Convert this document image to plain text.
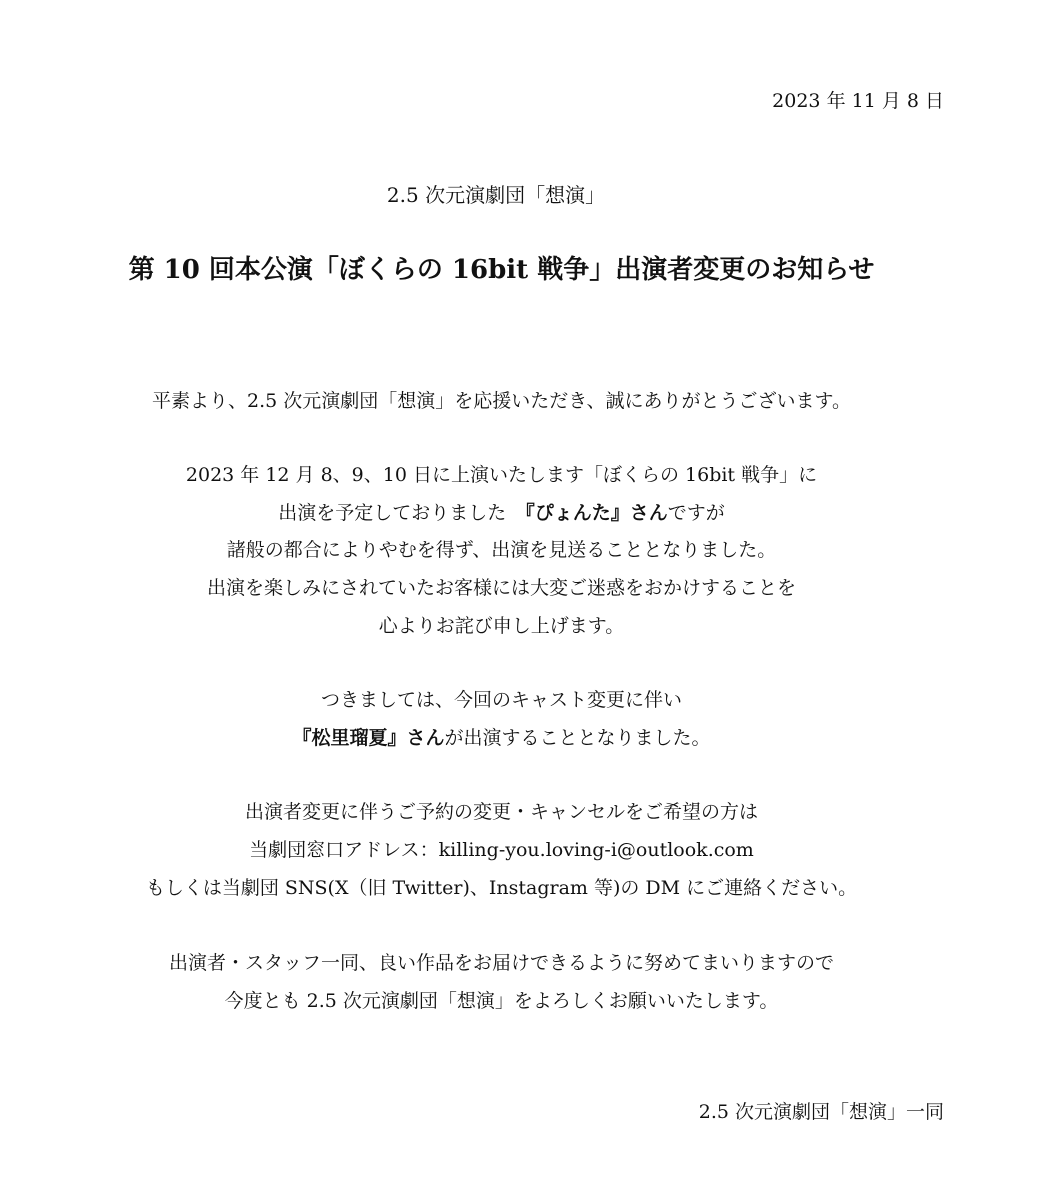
2023 年 11 月 8 日
2.5 次元演劇団「想演」
第 10 回本公演「ぼくらの 16bit 戦争」出演者変更のお知らせ
平素より、2.5 次元演劇団「想演」を応援いただき、誠にありがとうございます。
2023 年 12 月 8、9、10 日に上演いたします「ぼくらの 16bit 戦争」に
出演を予定しておりました　『ぴょんた』さんですが
諸般の都合によりやむを得ず、出演を見送ることとなりました。
出演を楽しみにされていたお客様には大変ご迷惑をおかけすることを
心よりお詫び申し上げます。
つきましては、今回のキャスト変更に伴い
『松里瑠夏』さんが出演することとなりました。
出演者変更に伴うご予約の変更・キャンセルをご希望の方は
当劇団窓口アドレス：killing-you.loving-i@outlook.com
もしくは当劇団 SNS(X（旧 Twitter)、Instagram 等)の DM にご連絡ください。
出演者・スタッフ一同、良い作品をお届けできるように努めてまいりますので
今度とも 2.5 次元演劇団「想演」をよろしくお願いいたします。
2.5 次元演劇団「想演」一同
